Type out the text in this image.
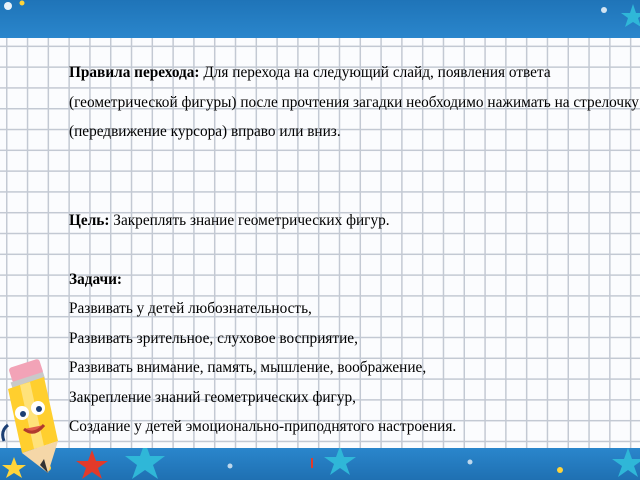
Правила перехода: Для перехода на следующий слайд, появления ответа
(геометрической фигуры) после прочтения загадки необходимо нажимать на стрелочку
(передвижение курсора) вправо или вниз.
Цель: Закреплять знание геометрических фигур.
Задачи:
Развивать у детей любознательность,
Развивать зрительное, слуховое восприятие,
Развивать внимание, память, мышление, воображение,
Закрепление знаний геометрических фигур,
Создание у детей эмоционально-приподнятого настроения.
